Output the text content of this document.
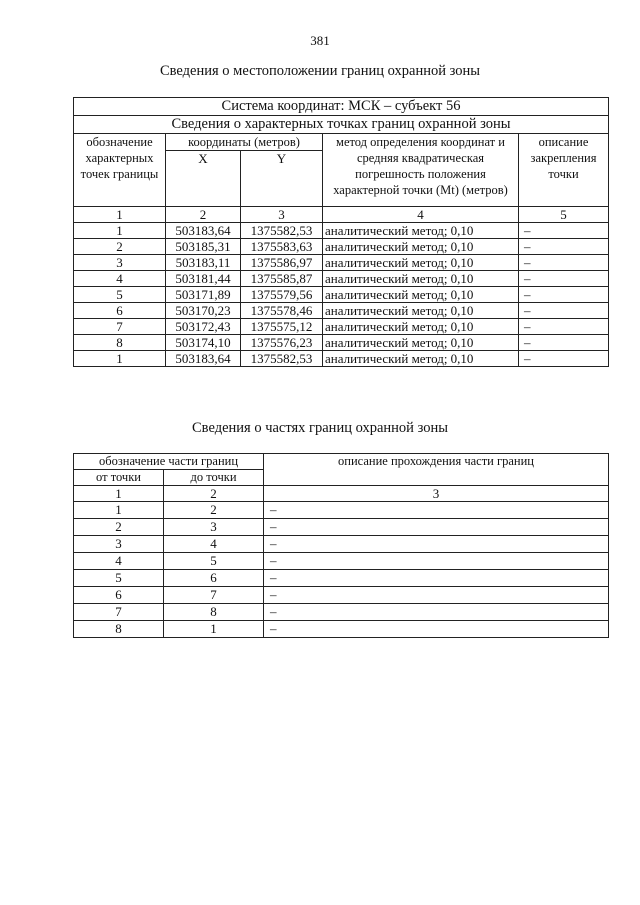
381
Сведения о местоположении границ охранной зоны
Система координат: МСК – субъект 56				
Сведения о характерных точках границ охранной зоны				
обозначение характерных точек границы	координаты (метров)		метод определения координат и средняя квадратическая погрешность положения характерной точки (Mt) (метров)	описание закрепления точки
	X	Y		
1	2	3	4	5
1	503183,64	1375582,53	аналитический метод; 0,10	–
2	503185,31	1375583,63	аналитический метод; 0,10	–
3	503183,11	1375586,97	аналитический метод; 0,10	–
4	503181,44	1375585,87	аналитический метод; 0,10	–
5	503171,89	1375579,56	аналитический метод; 0,10	–
6	503170,23	1375578,46	аналитический метод; 0,10	–
7	503172,43	1375575,12	аналитический метод; 0,10	–
8	503174,10	1375576,23	аналитический метод; 0,10	–
1	503183,64	1375582,53	аналитический метод; 0,10	–
Сведения о частях границ охранной зоны
обозначение части границ		описание прохождения части границ
от точки	до точки	
1	2	3
1	2	–
2	3	–
3	4	–
4	5	–
5	6	–
6	7	–
7	8	–
8	1	–
